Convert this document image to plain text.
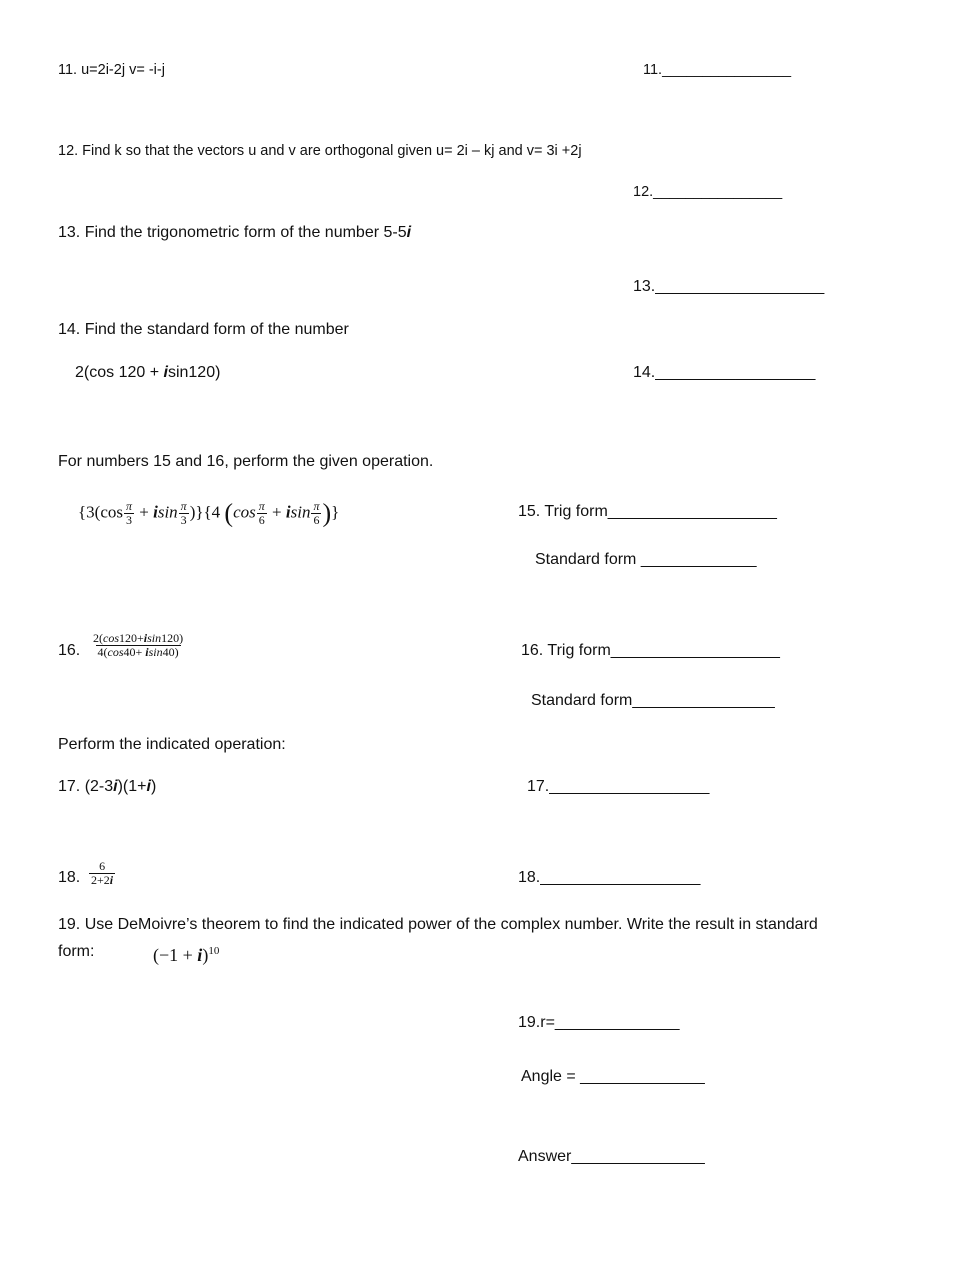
11. u=2i-2j v= -i-j	11.________________
12. Find k so that the vectors u and v are orthogonal given u= 2i – kj and v= 3i +2j
12.________________
13. Find the trigonometric form of the number 5-5i
13.___________________
14. Find the standard form of the number
2(cos 120 + isin120)	14.__________________
For numbers 15 and 16, perform the given operation.
$\{3(\cos \frac{\pi}{3} + isin \frac{\pi}{3} )\}\{4$ ($\cos \frac{\pi}{6} + isin \frac{\pi}{6}$ )}	15. Trig form___________________
Standard form _____________
16. $\frac{2(\cos 120+isin120)}{4(\cos 40+ isin40)}$	16. Trig form___________________
Standard form________________
Perform the indicated operation:
17. (2-3i)(1+i)	17.__________________
18. $\frac{6}{2+2i}$	18.__________________
19. Use DeMoivre’s theorem to find the indicated power of the complex number. Write the result in standard
form:	$(-1 + i)^{10}$
19.r=______________
Angle = ______________
Answer_______________
